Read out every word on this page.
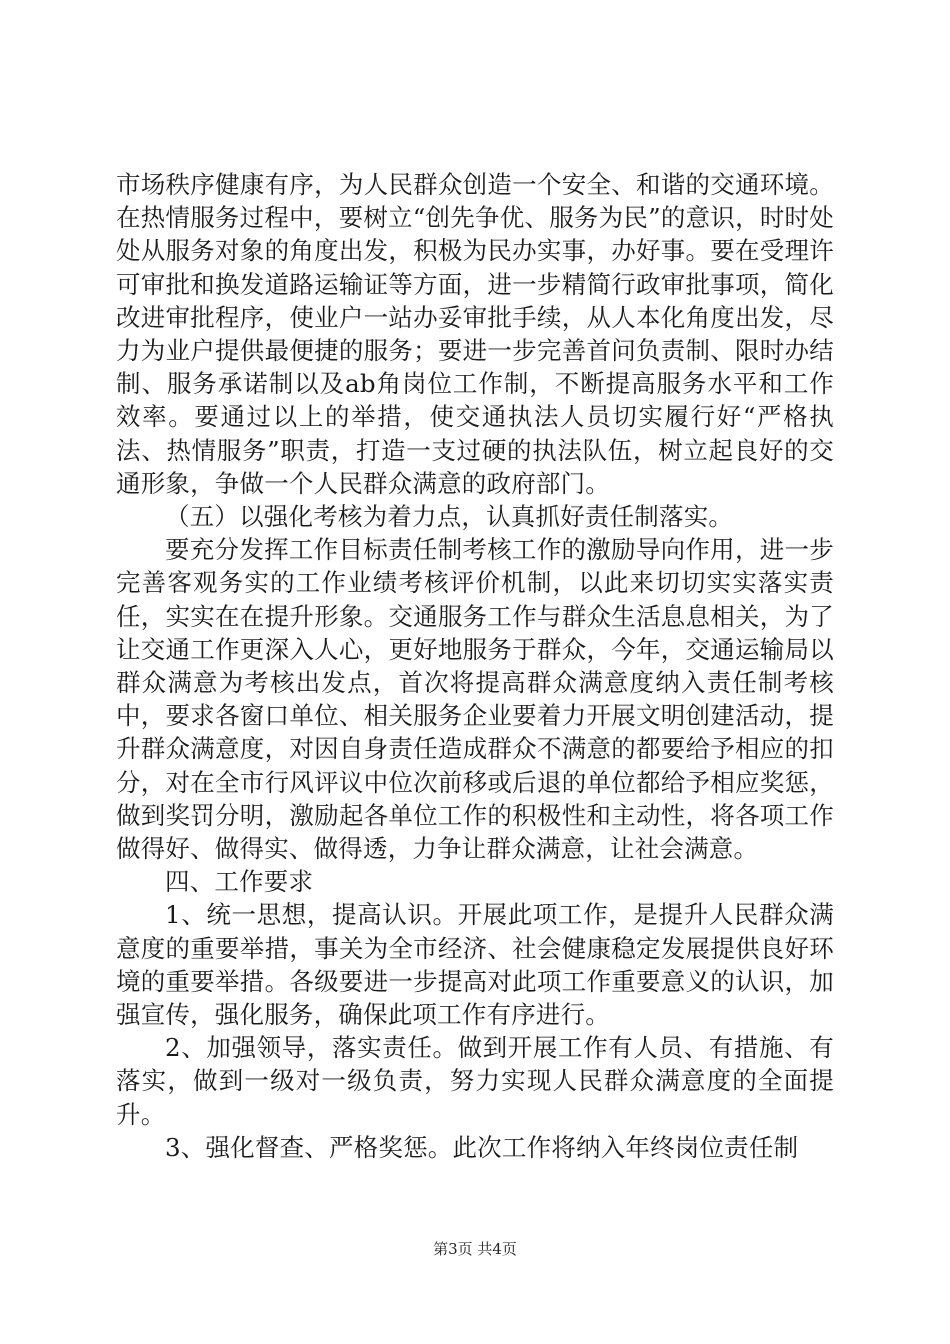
市场秩序健康有序，为人民群众创造一个安全、和谐的交通环境。在热情服务过程中，要树立“创先争优、服务为民”的意识，时时处处从服务对象的角度出发，积极为民办实事，办好事。要在受理许可审批和换发道路运输证等方面，进一步精简行政审批事项，简化改进审批程序，使业户一站办妥审批手续，从人本化角度出发，尽力为业户提供最便捷的服务；要进一步完善首问负责制、限时办结制、服务承诺制以及ab角岗位工作制，不断提高服务水平和工作效率。要通过以上的举措，使交通执法人员切实履行好“严格执法、热情服务”职责，打造一支过硬的执法队伍，树立起良好的交通形象，争做一个人民群众满意的政府部门。

（五）以强化考核为着力点，认真抓好责任制落实。

要充分发挥工作目标责任制考核工作的激励导向作用，进一步完善客观务实的工作业绩考核评价机制，以此来切切实实落实责任，实实在在提升形象。交通服务工作与群众生活息息相关，为了让交通工作更深入人心，更好地服务于群众，今年，交通运输局以群众满意为考核出发点，首次将提高群众满意度纳入责任制考核中，要求各窗口单位、相关服务企业要着力开展文明创建活动，提升群众满意度，对因自身责任造成群众不满意的都要给予相应的扣分，对在全市行风评议中位次前移或后退的单位都给予相应奖惩，做到奖罚分明，激励起各单位工作的积极性和主动性，将各项工作做得好、做得实、做得透，力争让群众满意，让社会满意。

四、工作要求

1、统一思想，提高认识。开展此项工作，是提升人民群众满意度的重要举措，事关为全市经济、社会健康稳定发展提供良好环境的重要举措。各级要进一步提高对此项工作重要意义的认识，加强宣传，强化服务，确保此项工作有序进行。

2、加强领导，落实责任。做到开展工作有人员、有措施、有落实，做到一级对一级负责，努力实现人民群众满意度的全面提升。

3、强化督查、严格奖惩。此次工作将纳入年终岗位责任制

第3页 共4页
